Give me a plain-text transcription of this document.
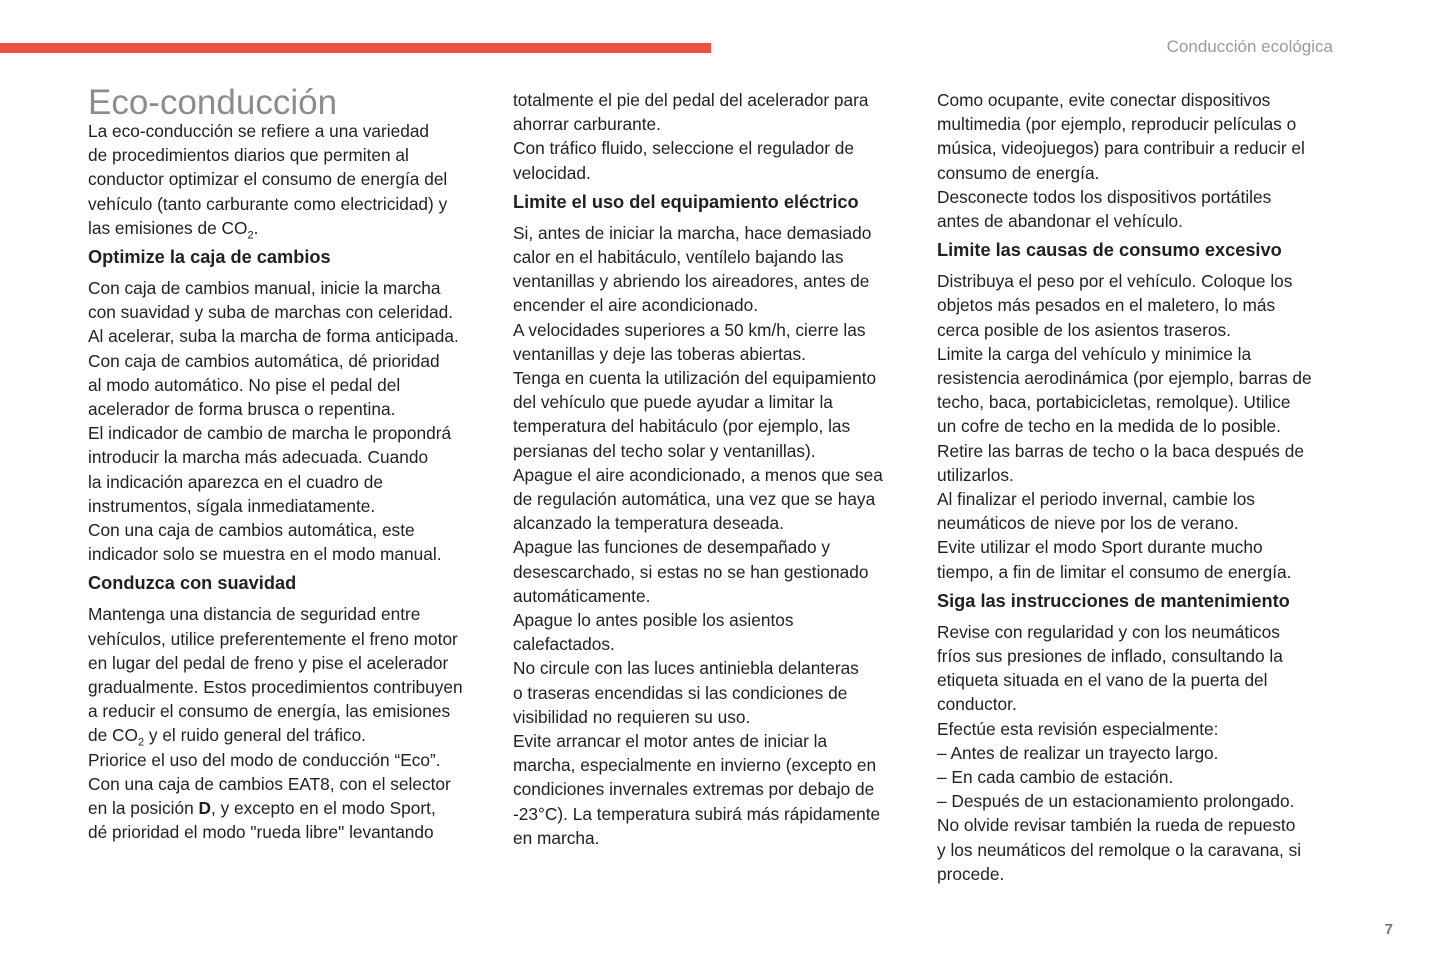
Conducción ecológica
Eco-conducción

La eco-conducción se refiere a una variedad
de procedimientos diarios que permiten al
conductor optimizar el consumo de energía del
vehículo (tanto carburante como electricidad) y
las emisiones de $CO_2$.

Optimize la caja de cambios

Con caja de cambios manual, inicie la marcha
con suavidad y suba de marchas con celeridad.
Al acelerar, suba la marcha de forma anticipada.
Con caja de cambios automática, dé prioridad
al modo automático. No pise el pedal del
acelerador de forma brusca o repentina.
El indicador de cambio de marcha le propondrá
introducir la marcha más adecuada. Cuando
la indicación aparezca en el cuadro de
instrumentos, sígala inmediatamente.
Con una caja de cambios automática, este
indicador solo se muestra en el modo manual.

Conduzca con suavidad

Mantenga una distancia de seguridad entre
vehículos, utilice preferentemente el freno motor
en lugar del pedal de freno y pise el acelerador
gradualmente. Estos procedimientos contribuyen
a reducir el consumo de energía, las emisiones
de $CO_2$ y el ruido general del tráfico.
Priorice el uso del modo de conducción “Eco”.
Con una caja de cambios EAT8, con el selector
en la posición D, y excepto en el modo Sport,
dé prioridad el modo "rueda libre" levantando

totalmente el pie del pedal del acelerador para
ahorrar carburante.
Con tráfico fluido, seleccione el regulador de
velocidad.

Limite el uso del equipamiento eléctrico

Si, antes de iniciar la marcha, hace demasiado
calor en el habitáculo, ventílelo bajando las
ventanillas y abriendo los aireadores, antes de
encender el aire acondicionado.
A velocidades superiores a 50 km/h, cierre las
ventanillas y deje las toberas abiertas.
Tenga en cuenta la utilización del equipamiento
del vehículo que puede ayudar a limitar la
temperatura del habitáculo (por ejemplo, las
persianas del techo solar y ventanillas).
Apague el aire acondicionado, a menos que sea
de regulación automática, una vez que se haya
alcanzado la temperatura deseada.
Apague las funciones de desempañado y
desescarchado, si estas no se han gestionado
automáticamente.
Apague lo antes posible los asientos
calefactados.
No circule con las luces antiniebla delanteras
o traseras encendidas si las condiciones de
visibilidad no requieren su uso.
Evite arrancar el motor antes de iniciar la
marcha, especialmente en invierno (excepto en
condiciones invernales extremas por debajo de
-23°C). La temperatura subirá más rápidamente
en marcha.

Como ocupante, evite conectar dispositivos
multimedia (por ejemplo, reproducir películas o
música, videojuegos) para contribuir a reducir el
consumo de energía.
Desconecte todos los dispositivos portátiles
antes de abandonar el vehículo.

Limite las causas de consumo excesivo

Distribuya el peso por el vehículo. Coloque los
objetos más pesados en el maletero, lo más
cerca posible de los asientos traseros.
Limite la carga del vehículo y minimice la
resistencia aerodinámica (por ejemplo, barras de
techo, baca, portabicicletas, remolque). Utilice
un cofre de techo en la medida de lo posible.
Retire las barras de techo o la baca después de
utilizarlos.
Al finalizar el periodo invernal, cambie los
neumáticos de nieve por los de verano.
Evite utilizar el modo Sport durante mucho
tiempo, a fin de limitar el consumo de energía.

Siga las instrucciones de mantenimiento

Revise con regularidad y con los neumáticos
fríos sus presiones de inflado, consultando la
etiqueta situada en el vano de la puerta del
conductor.
Efectúe esta revisión especialmente:
– Antes de realizar un trayecto largo.
– En cada cambio de estación.
– Después de un estacionamiento prolongado.
No olvide revisar también la rueda de repuesto
y los neumáticos del remolque o la caravana, si
procede.

7
